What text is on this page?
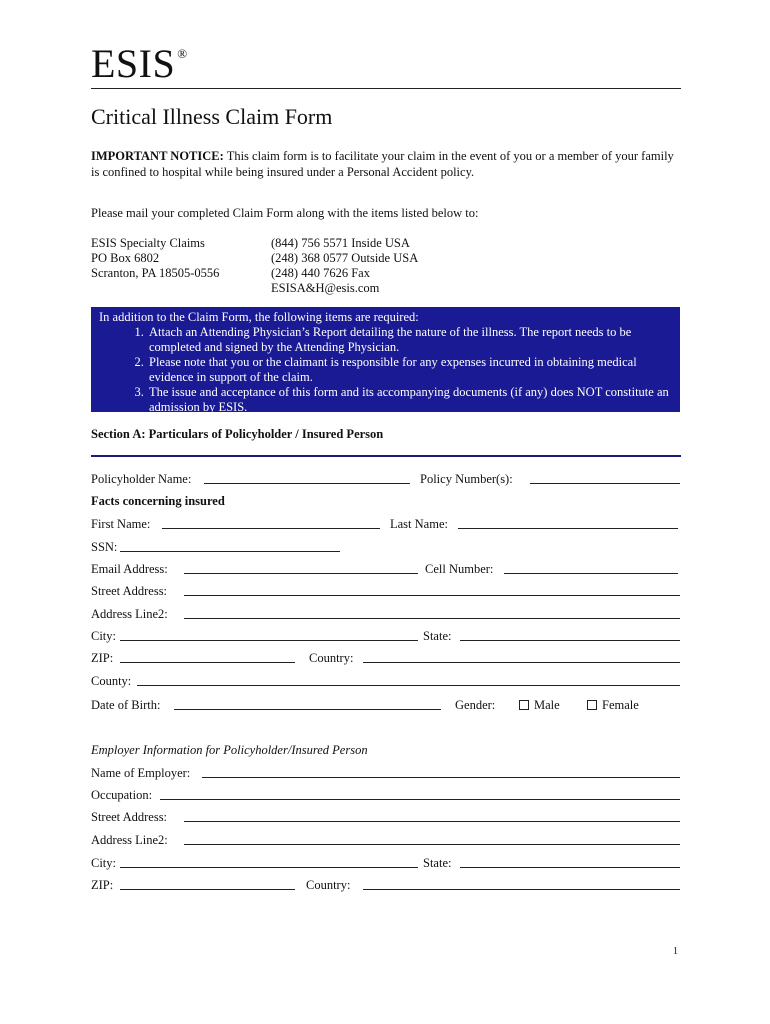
ESIS ®
Critical Illness Claim Form
IMPORTANT NOTICE: This claim form is to facilitate your claim in the event of you or a member of your family is confined to hospital while being insured under a Personal Accident policy.
Please mail your completed Claim Form along with the items listed below to:
ESIS Specialty Claims
PO Box 6802
Scranton, PA 18505-0556
(844) 756 5571 Inside USA
(248) 368 0577 Outside USA
(248) 440 7626 Fax
ESISA&H@esis.com
In addition to the Claim Form, the following items are required:
1. Attach an Attending Physician’s Report detailing the nature of the illness. The report needs to be completed and signed by the Attending Physician.
2. Please note that you or the claimant is responsible for any expenses incurred in obtaining medical evidence in support of the claim.
3. The issue and acceptance of this form and its accompanying documents (if any) does NOT constitute an admission by ESIS.
Section A: Particulars of Policyholder / Insured Person
Policyholder Name:	Policy Number(s):
Facts concerning insured
First Name:	Last Name:
SSN:
Email Address:	Cell Number:
Street Address:
Address Line2:
City:	State:
ZIP:	Country:
County:
Date of Birth:	Gender:	Male	Female
Employer Information for Policyholder/Insured Person
Name of Employer:
Occupation:
Street Address:
Address Line2:
City:	State:
ZIP:	Country:
1
